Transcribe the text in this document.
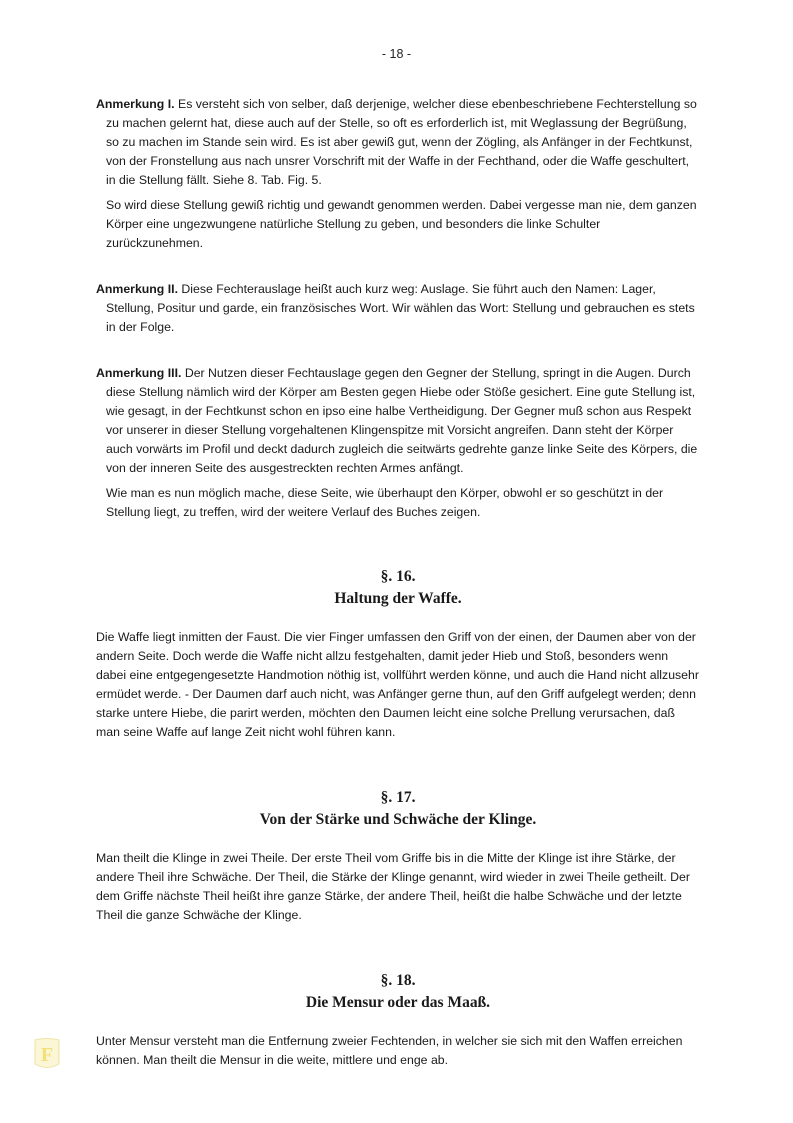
- 18 -

Anmerkung I. Es versteht sich von selber, daß derjenige, welcher diese ebenbeschriebene Fechterstellung so zu machen gelernt hat, diese auch auf der Stelle, so oft es erforderlich ist, mit Weglassung der Begrüßung, so zu machen im Stande sein wird. Es ist aber gewiß gut, wenn der Zögling, als Anfänger in der Fechtkunst, von der Fronstellung aus nach unsrer Vorschrift mit der Waffe in der Fechthand, oder die Waffe geschultert, in die Stellung fällt. Siehe 8. Tab. Fig. 5.

So wird diese Stellung gewiß richtig und gewandt genommen werden. Dabei vergesse man nie, dem ganzen Körper eine ungezwungene natürliche Stellung zu geben, und besonders die linke Schulter zurückzunehmen.

Anmerkung II. Diese Fechterauslage heißt auch kurz weg: Auslage. Sie führt auch den Namen: Lager, Stellung, Positur und garde, ein französisches Wort. Wir wählen das Wort: Stellung und gebrauchen es stets in der Folge.

Anmerkung III. Der Nutzen dieser Fechtauslage gegen den Gegner der Stellung, springt in die Augen. Durch diese Stellung nämlich wird der Körper am Besten gegen Hiebe oder Stöße gesichert. Eine gute Stellung ist, wie gesagt, in der Fechtkunst schon en ipso eine halbe Vertheidigung. Der Gegner muß schon aus Respekt vor unserer in dieser Stellung vorgehaltenen Klingenspitze mit Vorsicht angreifen. Dann steht der Körper auch vorwärts im Profil und deckt dadurch zugleich die seitwärts gedrehte ganze linke Seite des Körpers, die von der inneren Seite des ausgestreckten rechten Armes anfängt.

Wie man es nun möglich mache, diese Seite, wie überhaupt den Körper, obwohl er so geschützt in der Stellung liegt, zu treffen, wird der weitere Verlauf des Buches zeigen.

§. 16.

Haltung der Waffe.

Die Waffe liegt inmitten der Faust. Die vier Finger umfassen den Griff von der einen, der Daumen aber von der andern Seite. Doch werde die Waffe nicht allzu festgehalten, damit jeder Hieb und Stoß, besonders wenn dabei eine entgegengesetzte Handmotion nöthig ist, vollführt werden könne, und auch die Hand nicht allzusehr ermüdet werde. - Der Daumen darf auch nicht, was Anfänger gerne thun, auf den Griff aufgelegt werden; denn starke untere Hiebe, die parirt werden, möchten den Daumen leicht eine solche Prellung verursachen, daß man seine Waffe auf lange Zeit nicht wohl führen kann.

§. 17.

Von der Stärke und Schwäche der Klinge.

Man theilt die Klinge in zwei Theile. Der erste Theil vom Griffe bis in die Mitte der Klinge ist ihre Stärke, der andere Theil ihre Schwäche. Der Theil, die Stärke der Klinge genannt, wird wieder in zwei Theile getheilt. Der dem Griffe nächste Theil heißt ihre ganze Stärke, der andere Theil, heißt die halbe Schwäche und der letzte Theil die ganze Schwäche der Klinge.

§. 18.

Die Mensur oder das Maaß.

Unter Mensur versteht man die Entfernung zweier Fechtenden, in welcher sie sich mit den Waffen erreichen können. Man theilt die Mensur in die weite, mittlere und enge ab.

F
